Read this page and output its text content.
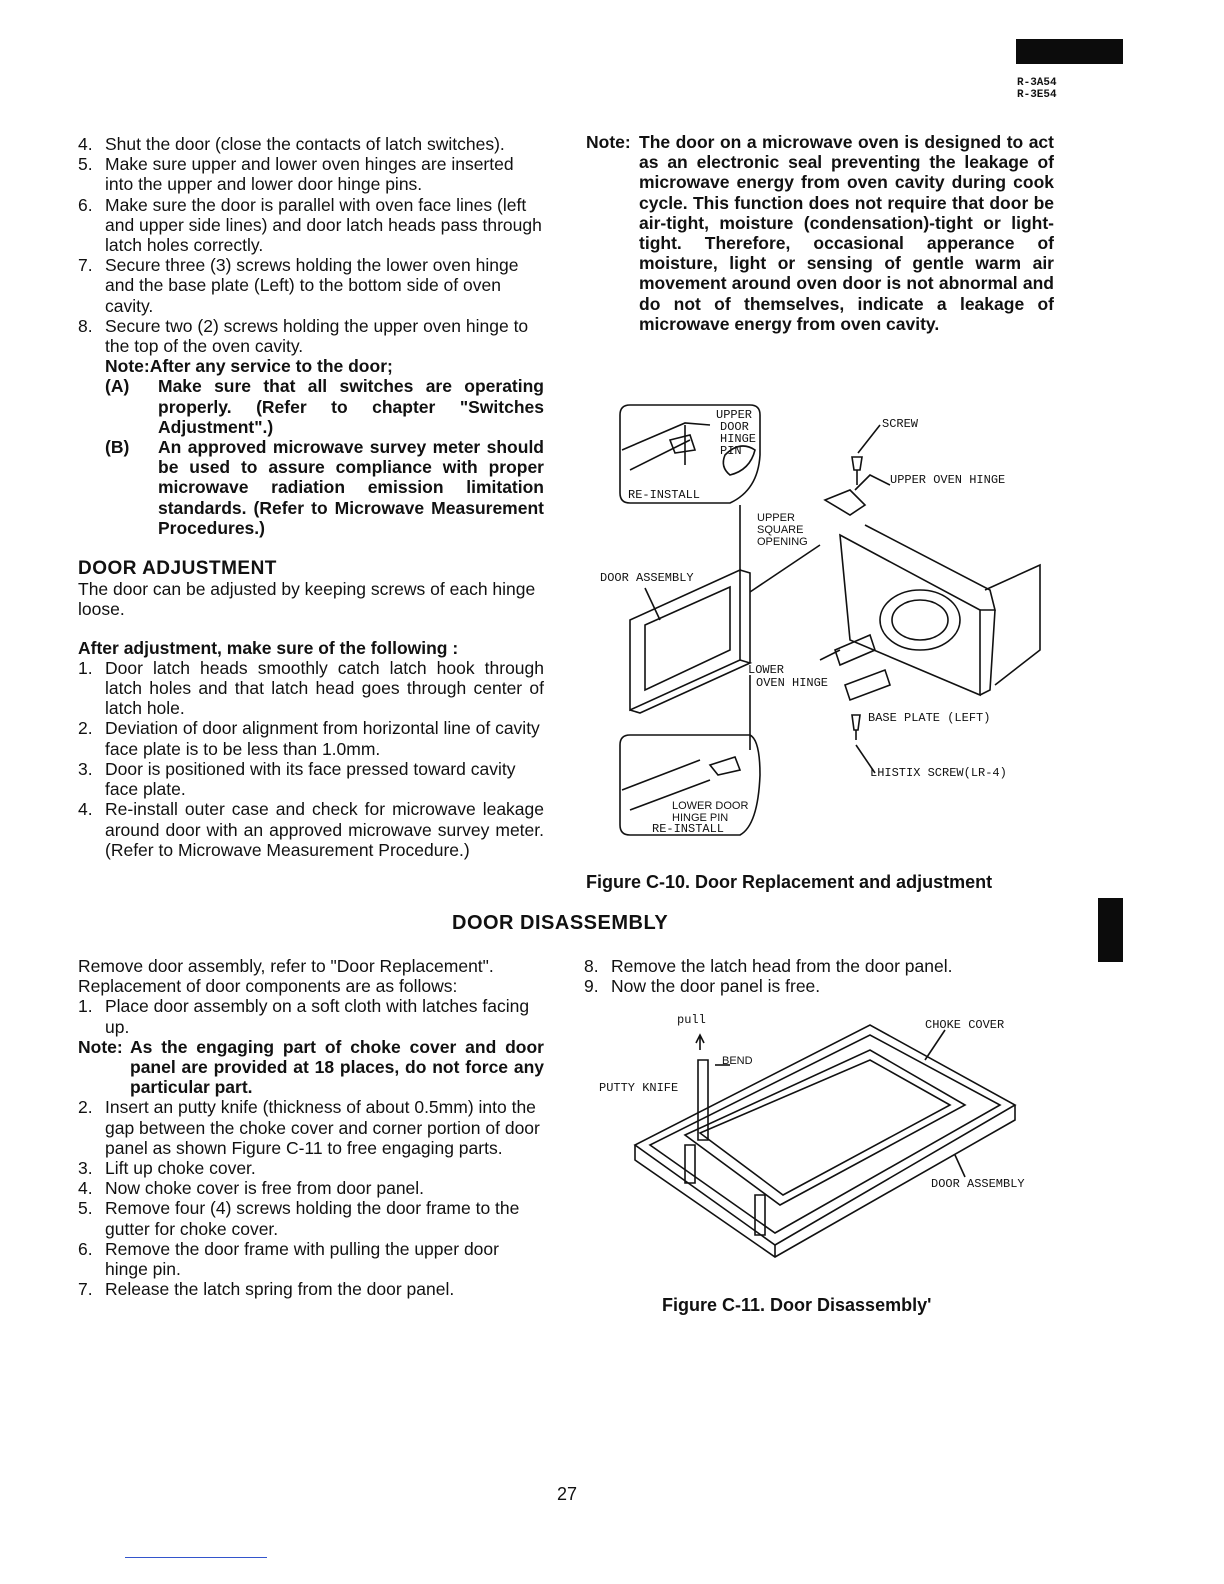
R-3A54
R-3E54
4. Shut the door (close the contacts of latch switches).
5. Make sure upper and lower oven hinges are inserted into the upper and lower door hinge pins.
6. Make sure the door is parallel with oven face lines (left and upper side lines) and door latch heads pass through latch holes correctly.
7. Secure three (3) screws holding the lower oven hinge and the base plate (Left) to the bottom side of oven cavity.
8. Secure two (2) screws holding the upper oven hinge to the top of the oven cavity.
Note:After any service to the door;
(A) Make sure that all switches are operating properly. (Refer to chapter "Switches Adjustment".)
(B) An approved microwave survey meter should be used to assure compliance with proper microwave radiation emission limitation standards. (Refer to Microwave Measurement Procedures.)
DOOR ADJUSTMENT

The door can be adjusted by keeping screws of each hinge loose.

After adjustment, make sure of the following :
1. Door latch heads smoothly catch latch hook through latch holes and that latch head goes through center of latch hole.
2. Deviation of door alignment from horizontal line of cavity face plate is to be less than 1.0mm.
3. Door is positioned with its face pressed toward cavity face plate.
4. Re-install outer case and check for microwave leakage around door with an approved microwave survey meter. (Refer to Microwave Measurement Procedure.)
Note: The door on a microwave oven is designed to act as an electronic seal preventing the leakage of microwave energy from oven cavity during cook cycle. This function does not require that door be air-tight, moisture (condensation)-tight or light-tight. Therefore, occasional apperance of moisture, light or sensing of gentle warm air movement around oven door is not abnormal and do not of themselves, indicate a leakage of microwave energy from oven cavity.
UPPER
DOOR
HINGE
PIN
RE-INSTALL
SCREW
UPPER OVEN HINGE
UPPER
SQUARE
OPENING
DOOR ASSEMBLY
LOWER
OVEN HINGE
BASE PLATE (LEFT)
LHISTIX SCREW(LR-4)
LOWER DOOR
HINGE PIN
RE-INSTALL
Figure C-10. Door Replacement and adjustment
DOOR DISASSEMBLY

Remove door assembly, refer to "Door Replacement".

Replacement of door components are as follows:

1. Place door assembly on a soft cloth with latches facing up.
Note: As the engaging part of choke cover and door panel are provided at 18 places, do not force any particular part.
2. Insert an putty knife (thickness of about 0.5mm) into the gap between the choke cover and corner portion of door panel as shown Figure C-11 to free engaging parts.
3. Lift up choke cover.
4. Now choke cover is free from door panel.
5. Remove four (4) screws holding the door frame to the gutter for choke cover.
6. Remove the door frame with pulling the upper door hinge pin.
7. Release the latch spring from the door panel.
8. Remove the latch head from the door panel.
9. Now the door panel is free.
pull	CHOKE COVER
BEND
PUTTY KNIFE
DOOR ASSEMBLY
Figure C-11. Door Disassembly'
27
